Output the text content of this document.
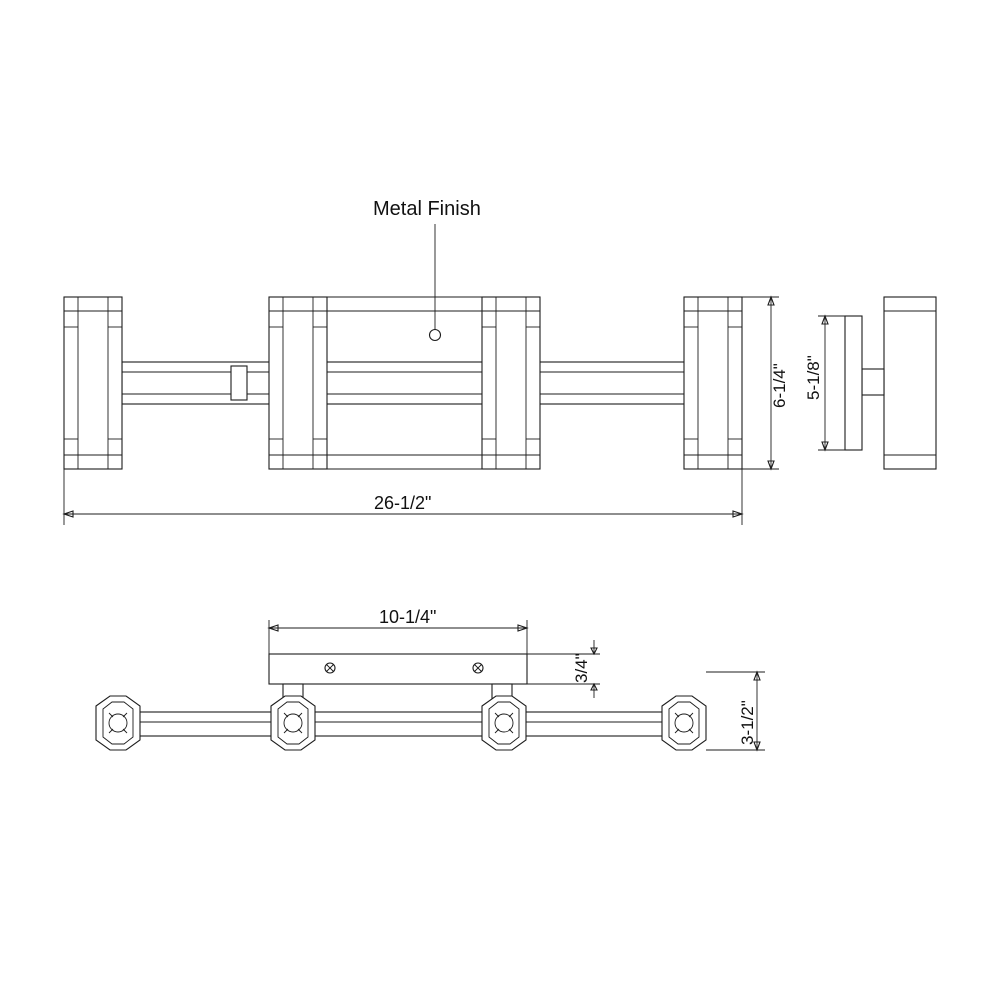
Metal Finish
6-1/4"
26-1/2"
5-1/8"
10-1/4"
3/4"
3-1/2"
